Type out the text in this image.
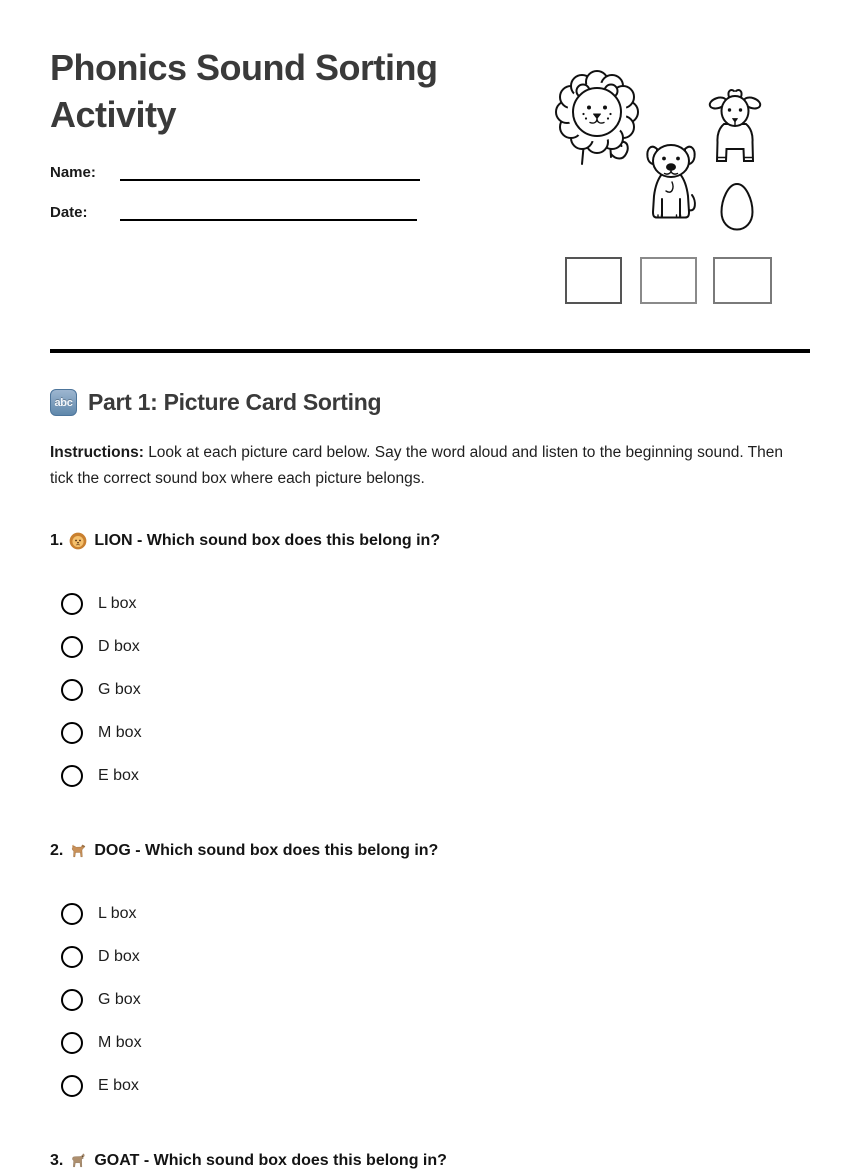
Phonics Sound Sorting Activity
Name:
Date:
abc Part 1: Picture Card Sorting

Instructions: Look at each picture card below. Say the word aloud and listen to the beginning sound. Then tick the correct sound box where each picture belongs.

1. LION - Which sound box does this belong in?
L box
D box
G box
M box
E box
2. DOG - Which sound box does this belong in?
L box
D box
G box
M box
E box
3. GOAT - Which sound box does this belong in?
